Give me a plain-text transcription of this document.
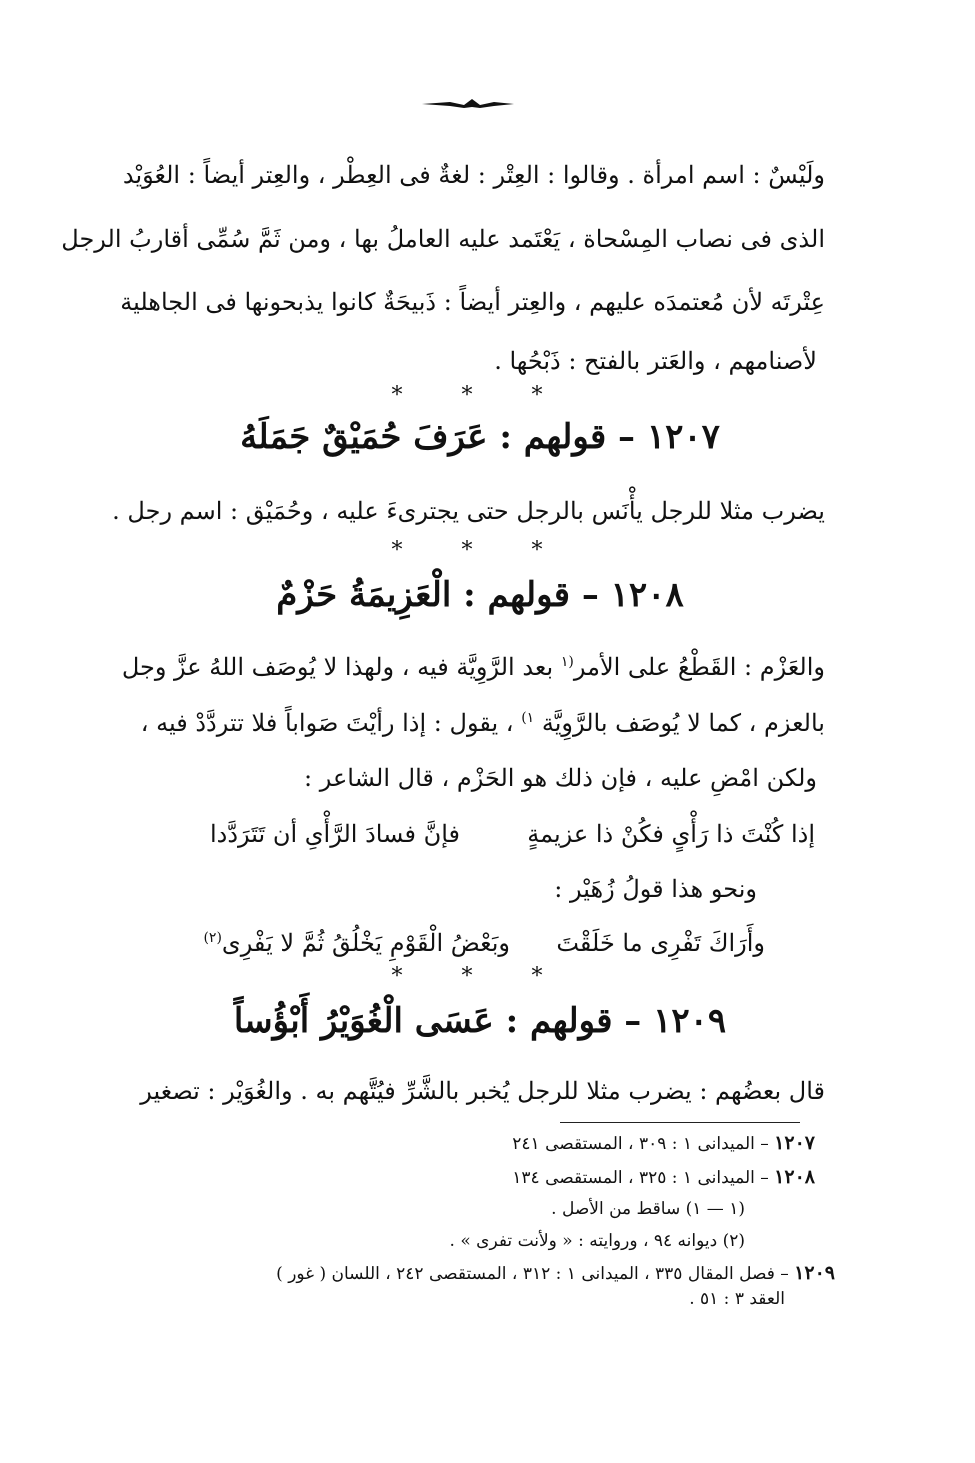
ولَيْسٌ : اسم امرأة . وقالوا : العِتْر : لغةٌ فى العِطْر ، والعِتر أيضاً : العُوَيْد
الذى فى نصاب المِسْحاة ، يَعْتَمد عليه العاملُ بها ، ومن ثَمَّ سُمِّى أقاربُ الرجل
عِتْرتَه لأن مُعتمدَه عليهم ، والعِتر أيضاً : ذَبيحَةٌ كانوا يذبحونها فى الجاهلية
لأصنامهم ، والعَتر بالفتح : ذَبْحُها .
* * *
١٢٠٧ – قولهم : عَرَفَ حُمَيْقٌ جَمَلَهُ
يضرب مثلا للرجل يأْنَس بالرجل حتى يجترىءَ عليه ، وحُمَيْق : اسم رجل .
* * *
١٢٠٨ – قولهم : الْعَزِيمَةُ حَزْمٌ
والعَزْم : القَطْعُ على الأمر$^{(١}$ بعد الرَّوِيَّة فيه ، ولهذا لا يُوصَف اللهُ عزَّ وجل
بالعزم ، كما لا يُوصَف بالرَّوِيَّة $^{١)}$ ، يقول : إذا رأيْتَ صَواباً فلا تتردَّدْ فيه ،
ولكن امْضِ عليه ، فإن ذلك هو الحَزْم ، قال الشاعر :
إذا كُنْتَ ذا رَأْىٍ فكُنْ ذا عزيمةٍ
فإنَّ فسادَ الرَّأْىِ أن تَتَرَدَّدا
ونحو هذا قولُ زُهَيْر :
وأَرَاكَ تَفْرِى ما خَلَقْتَ
وبَعْضُ الْقَوْمِ يَخْلُقُ ثُمَّ لا يَفْرِى$^{(٢)}$
* * *
١٢٠٩ – قولهم : عَسَى الْغُوَيْرُ أَبْؤُساً
قال بعضُهم : يضرب مثلا للرجل يُخبر بالشَّرِّ فيُتَّهم به . والغُوَيْر : تصغير
١٢٠٧ – الميدانى ١ : ٣٠٩ ، المستقصى ٢٤١
١٢٠٨ – الميدانى ١ : ٣٢٥ ، المستقصى ١٣٤
(١ — ١) ساقط من الأصل .
(٢) ديوانه ٩٤ ، وروايته : « ولأنت تفرى » .
١٢٠٩ – فصل المقال ٣٣٥ ، الميدانى ١ : ٣١٢ ، المستقصى ٢٤٢ ، اللسان ( غور )
العقد ٣ : ٥١ .
